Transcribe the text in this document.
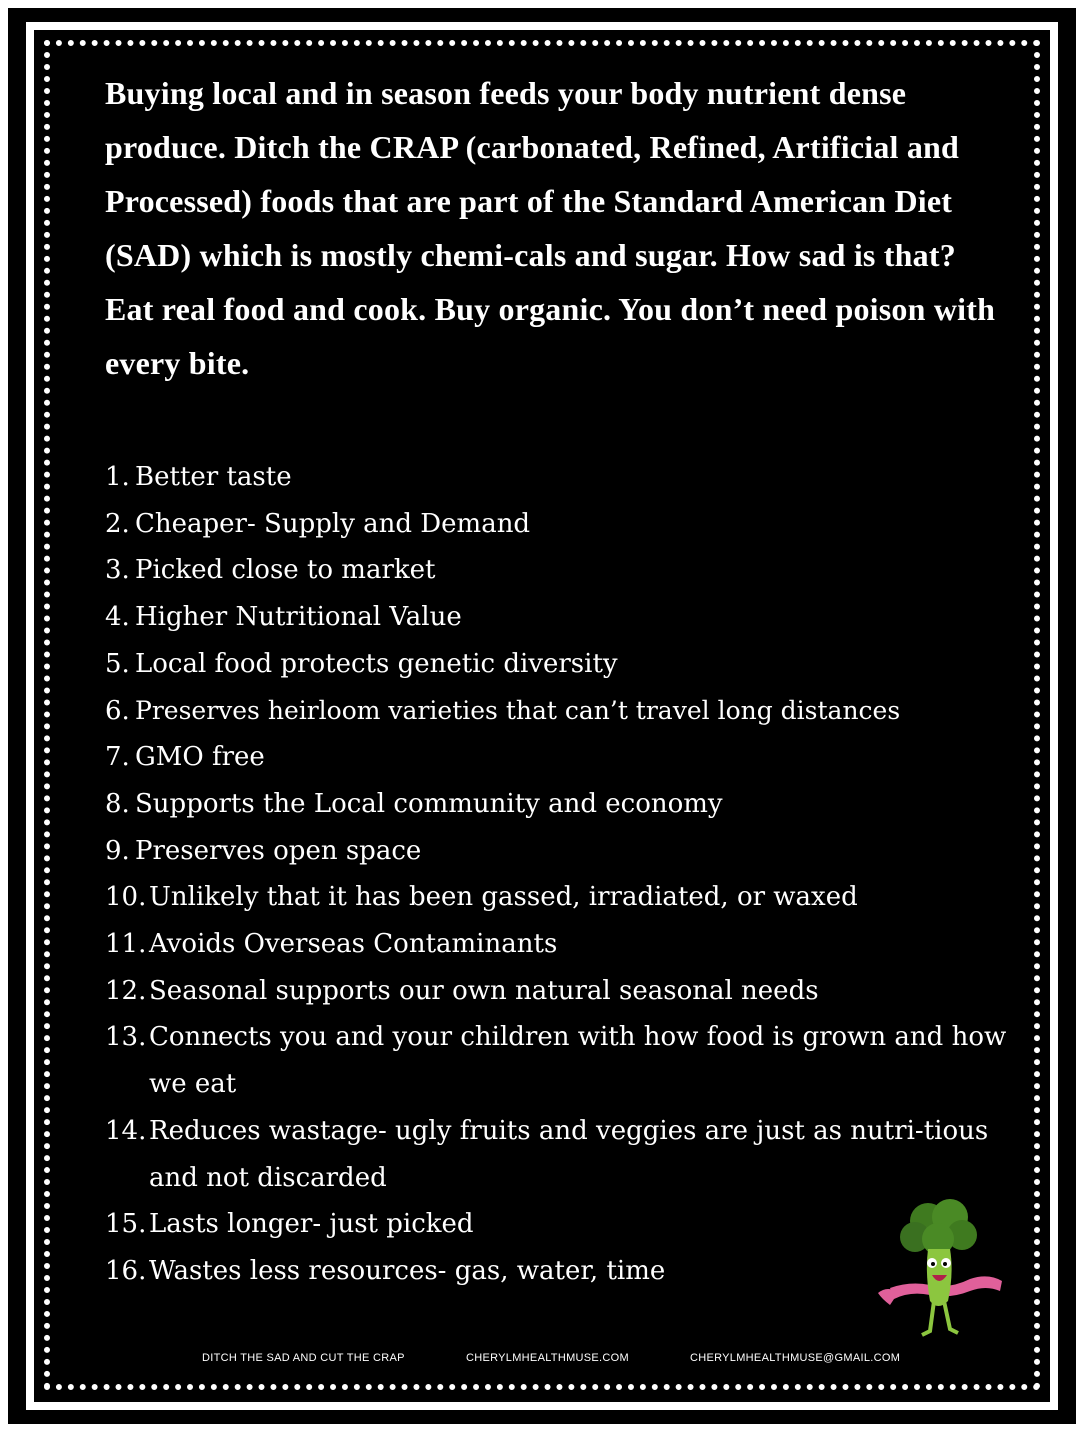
Buying local and in season feeds your body nutrient dense produce. Ditch the CRAP (carbonated, Refined, Artificial and Processed) foods that are part of the Standard American Diet (SAD) which is mostly chemi-cals and sugar. How sad is that? Eat real food and cook. Buy organic. You don’t need poison with every bite.

1. Better taste
2. Cheaper- Supply and Demand
3. Picked close to market
4. Higher Nutritional Value
5. Local food protects genetic diversity
6. Preserves heirloom varieties that can’t travel long distances
7. GMO free
8. Supports the Local community and economy
9. Preserves open space
10. Unlikely that it has been gassed, irradiated, or waxed
11. Avoids Overseas Contaminants
12. Seasonal supports our own natural seasonal needs
13. Connects you and your children with how food is grown and how we eat
14. Reduces wastage- ugly fruits and veggies are just as nutri-tious and not discarded
15. Lasts longer- just picked
16. Wastes less resources- gas, water, time
DITCH THE SAD AND CUT THE CRAP	CHERYLMHEALTHMUSE.COM	CHERYLMHEALTHMUSE@GMAIL.COM
